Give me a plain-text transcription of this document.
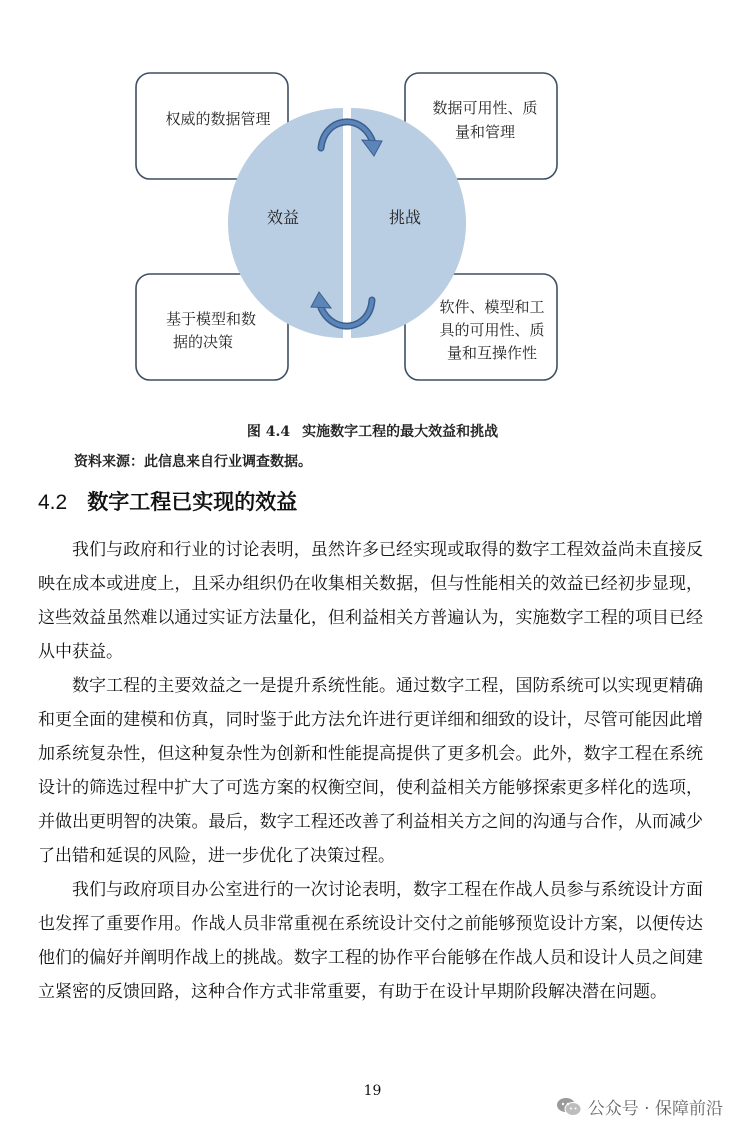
权威的数据管理
数据可用性、质
量和管理
基于模型和数
据的决策
软件、模型和工
具的可用性、质
量和互操作性
效益	挑战
图 4.4 实施数字工程的最大效益和挑战
资料来源：此信息来自行业调查数据。
4.2 数字工程已实现的效益

我们与政府和行业的讨论表明，虽然许多已经实现或取得的数字工程效益尚未直接反映在成本或进度上，且采办组织仍在收集相关数据，但与性能相关的效益已经初步显现，这些效益虽然难以通过实证方法量化，但利益相关方普遍认为，实施数字工程的项目已经从中获益。

数字工程的主要效益之一是提升系统性能。通过数字工程，国防系统可以实现更精确和更全面的建模和仿真，同时鉴于此方法允许进行更详细和细致的设计，尽管可能因此增加系统复杂性，但这种复杂性为创新和性能提高提供了更多机会。此外，数字工程在系统设计的筛选过程中扩大了可选方案的权衡空间，使利益相关方能够探索更多样化的选项，并做出更明智的决策。最后，数字工程还改善了利益相关方之间的沟通与合作，从而减少了出错和延误的风险，进一步优化了决策过程。

我们与政府项目办公室进行的一次讨论表明，数字工程在作战人员参与系统设计方面也发挥了重要作用。作战人员非常重视在系统设计交付之前能够预览设计方案，以便传达他们的偏好并阐明作战上的挑战。数字工程的协作平台能够在作战人员和设计人员之间建立紧密的反馈回路，这种合作方式非常重要，有助于在设计早期阶段解决潜在问题。

19
公众号 · 保障前沿
